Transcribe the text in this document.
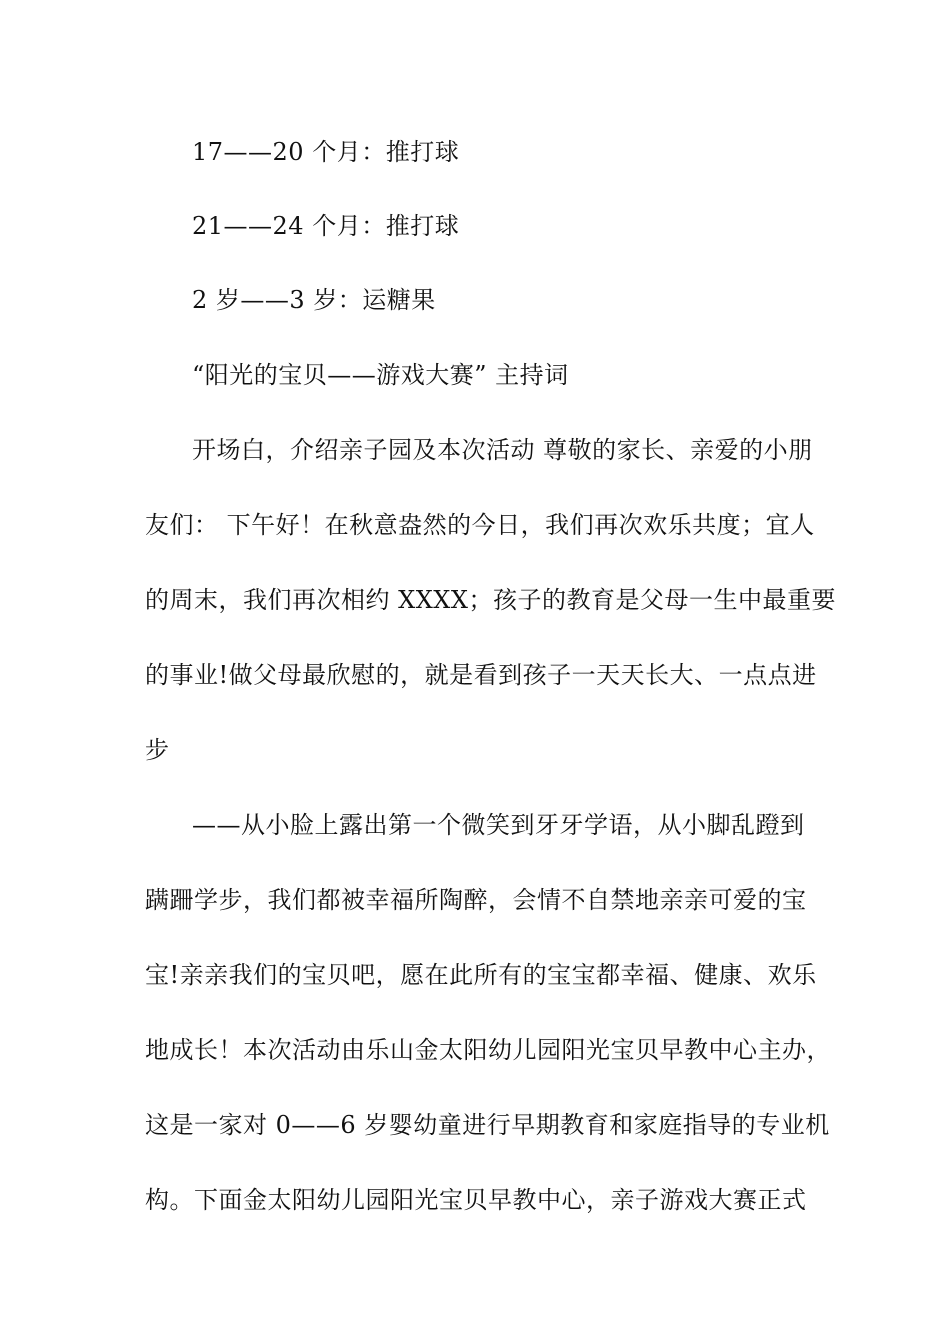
17——20 个月：推打球
21——24 个月：推打球
2 岁——3 岁：运糖果
“阳光的宝贝——游戏大赛” 主持词
开场白，介绍亲子园及本次活动 尊敬的家长、亲爱的小朋
友们： 下午好！在秋意盎然的今日，我们再次欢乐共度；宜人
的周末，我们再次相约 XXXX；孩子的教育是父母一生中最重要
的事业!做父母最欣慰的，就是看到孩子一天天长大、一点点进
步
——从小脸上露出第一个微笑到牙牙学语，从小脚乱蹬到
蹒跚学步，我们都被幸福所陶醉，会情不自禁地亲亲可爱的宝
宝!亲亲我们的宝贝吧，愿在此所有的宝宝都幸福、健康、欢乐
地成长！本次活动由乐山金太阳幼儿园阳光宝贝早教中心主办，
这是一家对 0——6 岁婴幼童进行早期教育和家庭指导的专业机
构。下面金太阳幼儿园阳光宝贝早教中心，亲子游戏大赛正式
